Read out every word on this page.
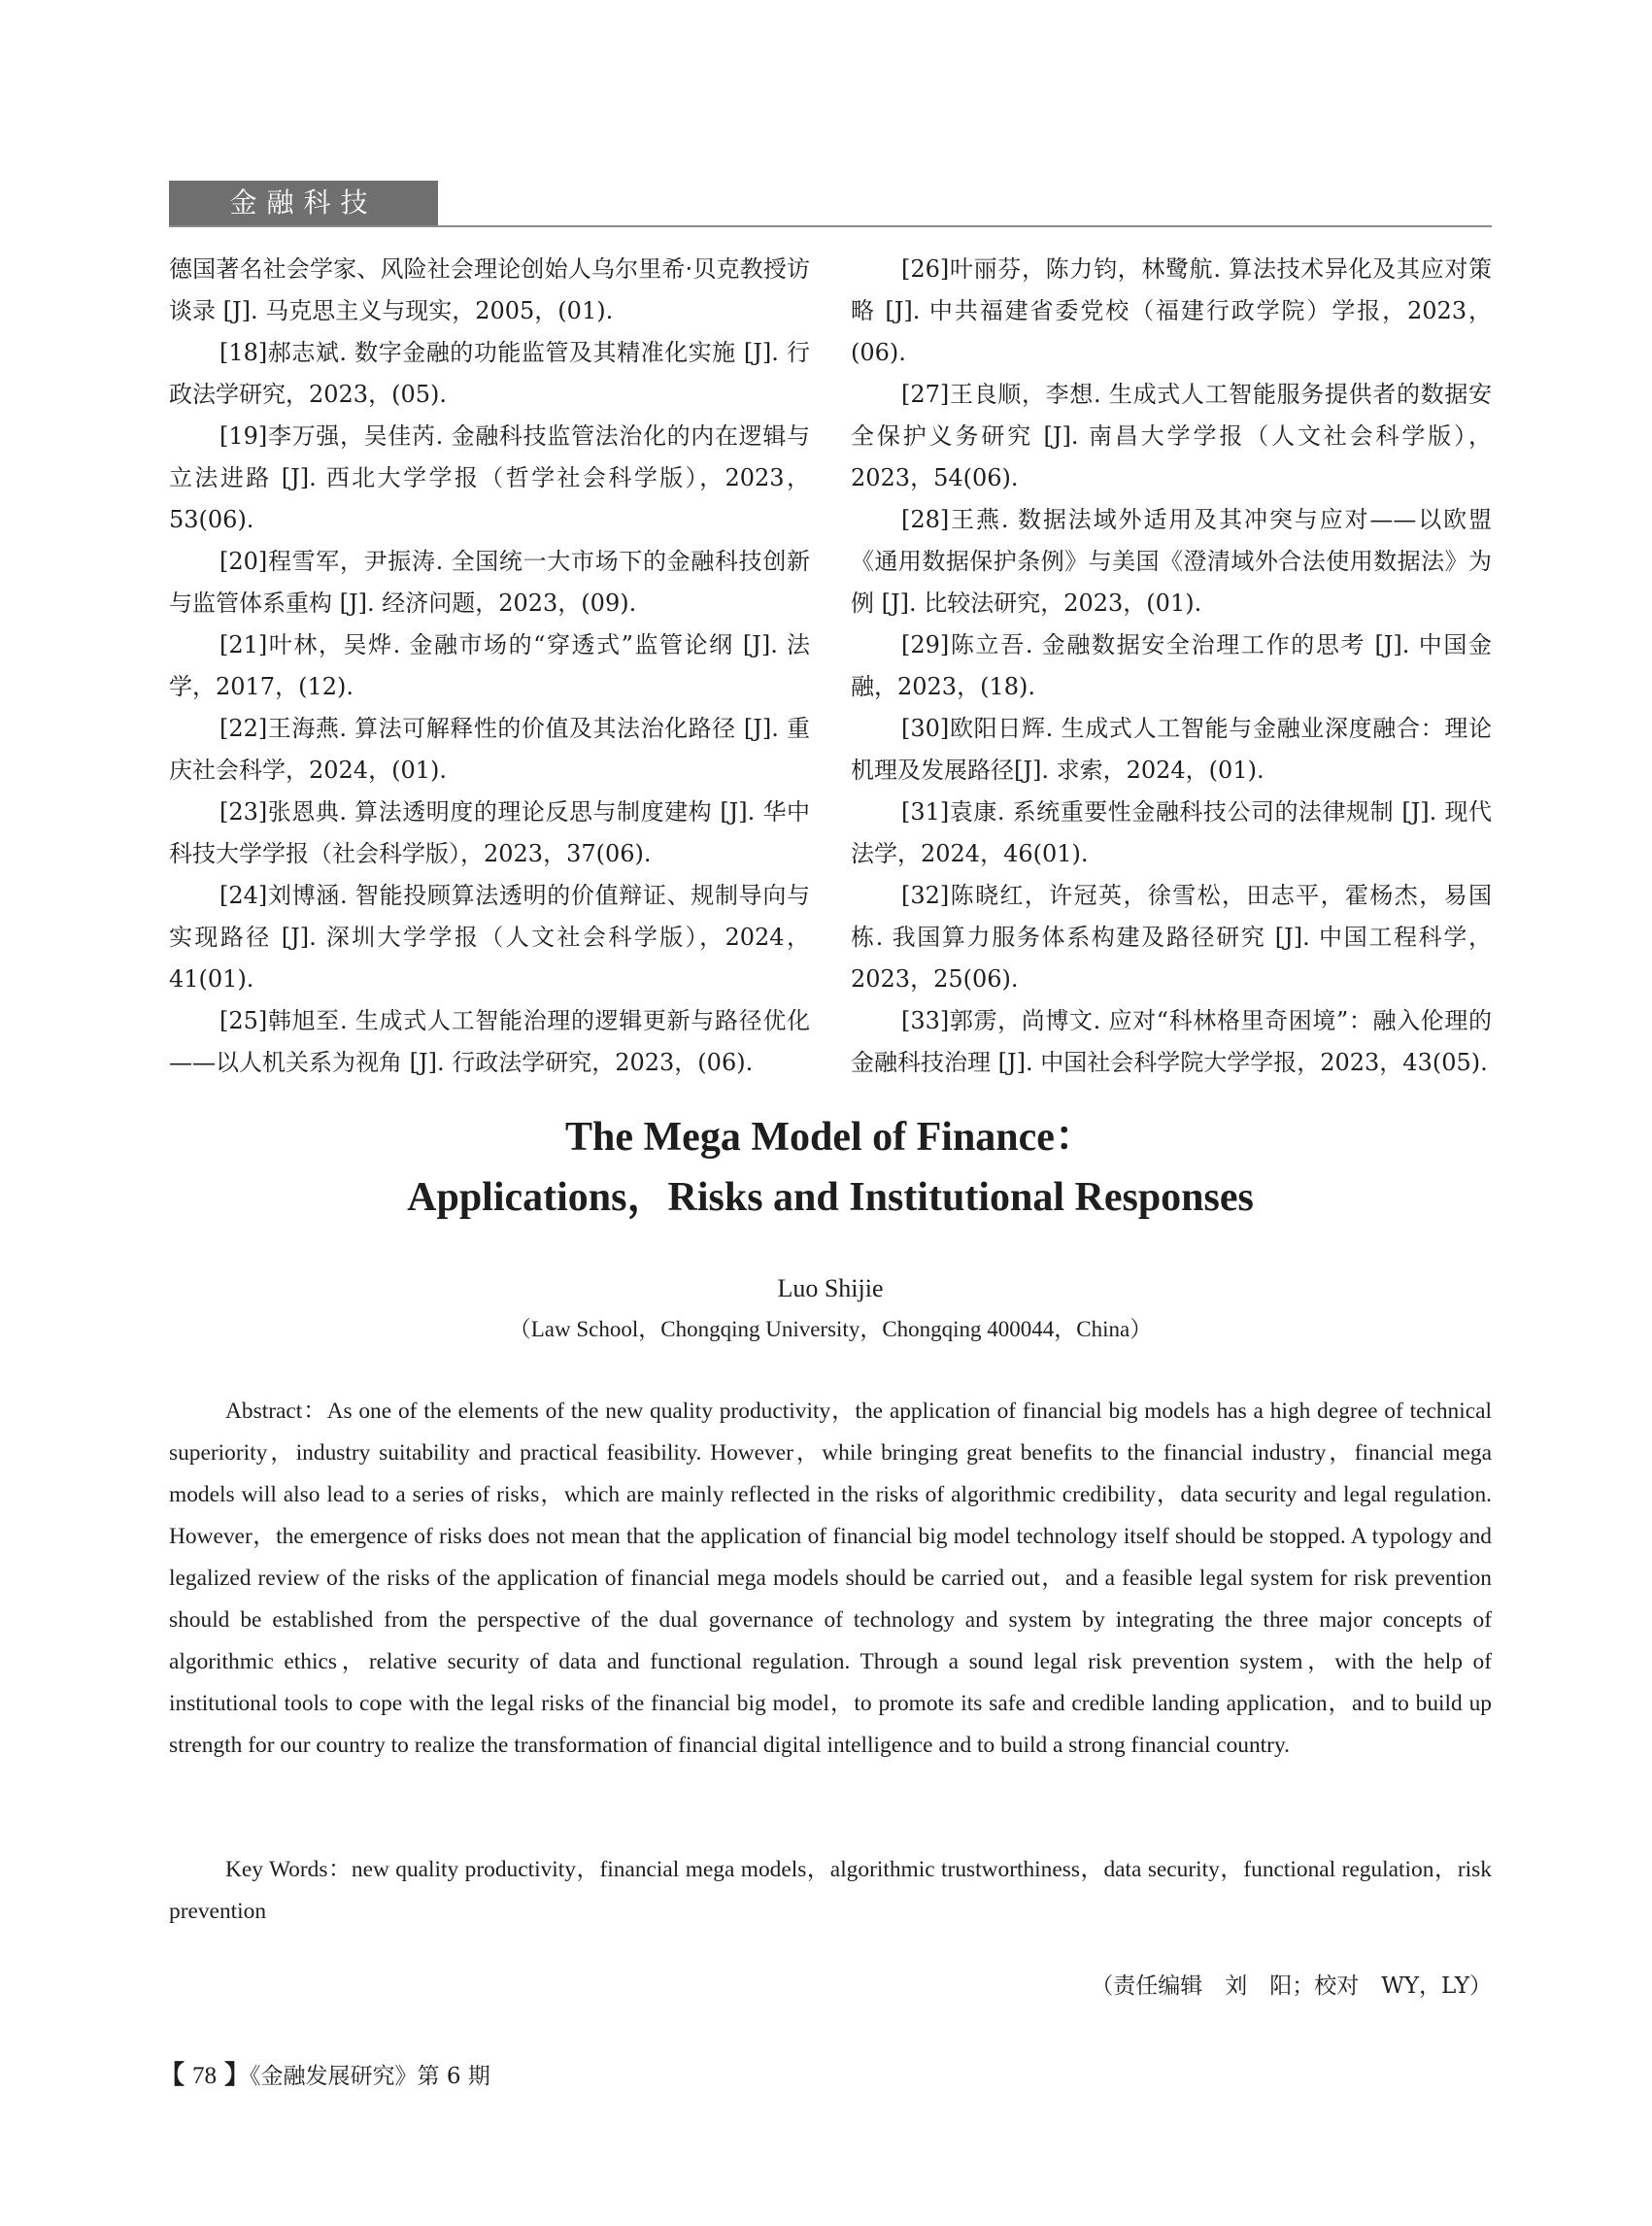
金融科技

德国著名社会学家、风险社会理论创始人乌尔里希·贝克教授访谈录 [J]. 马克思主义与现实，2005，(01).

[18]郝志斌. 数字金融的功能监管及其精准化实施 [J]. 行政法学研究，2023，(05).

[19]李万强，吴佳芮. 金融科技监管法治化的内在逻辑与立法进路 [J]. 西北大学学报（哲学社会科学版），2023，53(06).

[20]程雪军，尹振涛. 全国统一大市场下的金融科技创新与监管体系重构 [J]. 经济问题，2023，(09).

[21]叶林，吴烨. 金融市场的“穿透式”监管论纲 [J]. 法学，2017，(12).

[22]王海燕. 算法可解释性的价值及其法治化路径 [J]. 重庆社会科学，2024，(01).

[23]张恩典. 算法透明度的理论反思与制度建构 [J]. 华中科技大学学报（社会科学版），2023，37(06).

[24]刘博涵. 智能投顾算法透明的价值辩证、规制导向与实现路径 [J]. 深圳大学学报（人文社会科学版），2024，41(01).

[25]韩旭至. 生成式人工智能治理的逻辑更新与路径优化——以人机关系为视角 [J]. 行政法学研究，2023，(06).

[26]叶丽芬，陈力钧，林鹭航. 算法技术异化及其应对策略 [J]. 中共福建省委党校（福建行政学院）学报，2023，(06).

[27]王良顺，李想. 生成式人工智能服务提供者的数据安全保护义务研究 [J]. 南昌大学学报（人文社会科学版），2023，54(06).

[28]王燕. 数据法域外适用及其冲突与应对——以欧盟《通用数据保护条例》与美国《澄清域外合法使用数据法》为例 [J]. 比较法研究，2023，(01).

[29]陈立吾. 金融数据安全治理工作的思考 [J]. 中国金融，2023，(18).

[30]欧阳日辉. 生成式人工智能与金融业深度融合：理论机理及发展路径[J]. 求索，2024，(01).

[31]袁康. 系统重要性金融科技公司的法律规制 [J]. 现代法学，2024，46(01).

[32]陈晓红，许冠英，徐雪松，田志平，霍杨杰，易国栋. 我国算力服务体系构建及路径研究 [J]. 中国工程科学，2023，25(06).

[33]郭雳，尚博文. 应对“科林格里奇困境”：融入伦理的金融科技治理 [J]. 中国社会科学院大学学报，2023，43(05).

The Mega Model of Finance：
Applications，Risks and Institutional Responses
Luo Shijie
（Law School，Chongqing University，Chongqing 400044，China）

Abstract：As one of the elements of the new quality productivity，the application of financial big models has a high degree of technical superiority，industry suitability and practical feasibility. However，while bringing great benefits to the financial industry，financial mega models will also lead to a series of risks，which are mainly reflected in the risks of algorithmic credibility，data security and legal regulation. However，the emergence of risks does not mean that the application of financial big model technology itself should be stopped. A typology and legalized review of the risks of the application of financial mega models should be carried out，and a feasible legal system for risk prevention should be established from the perspective of the dual governance of technology and system by integrating the three major concepts of algorithmic ethics，relative security of data and functional regulation. Through a sound legal risk prevention system，with the help of institutional tools to cope with the legal risks of the financial big model，to promote its safe and credible landing application，and to build up strength for our country to realize the transformation of financial digital intelligence and to build a strong financial country.

Key Words：new quality productivity，financial mega models，algorithmic trustworthiness，data security，functional regulation，risk prevention

（责任编辑　刘　阳；校对　WY，LY）
【 78 】《金融发展研究》第 6 期
